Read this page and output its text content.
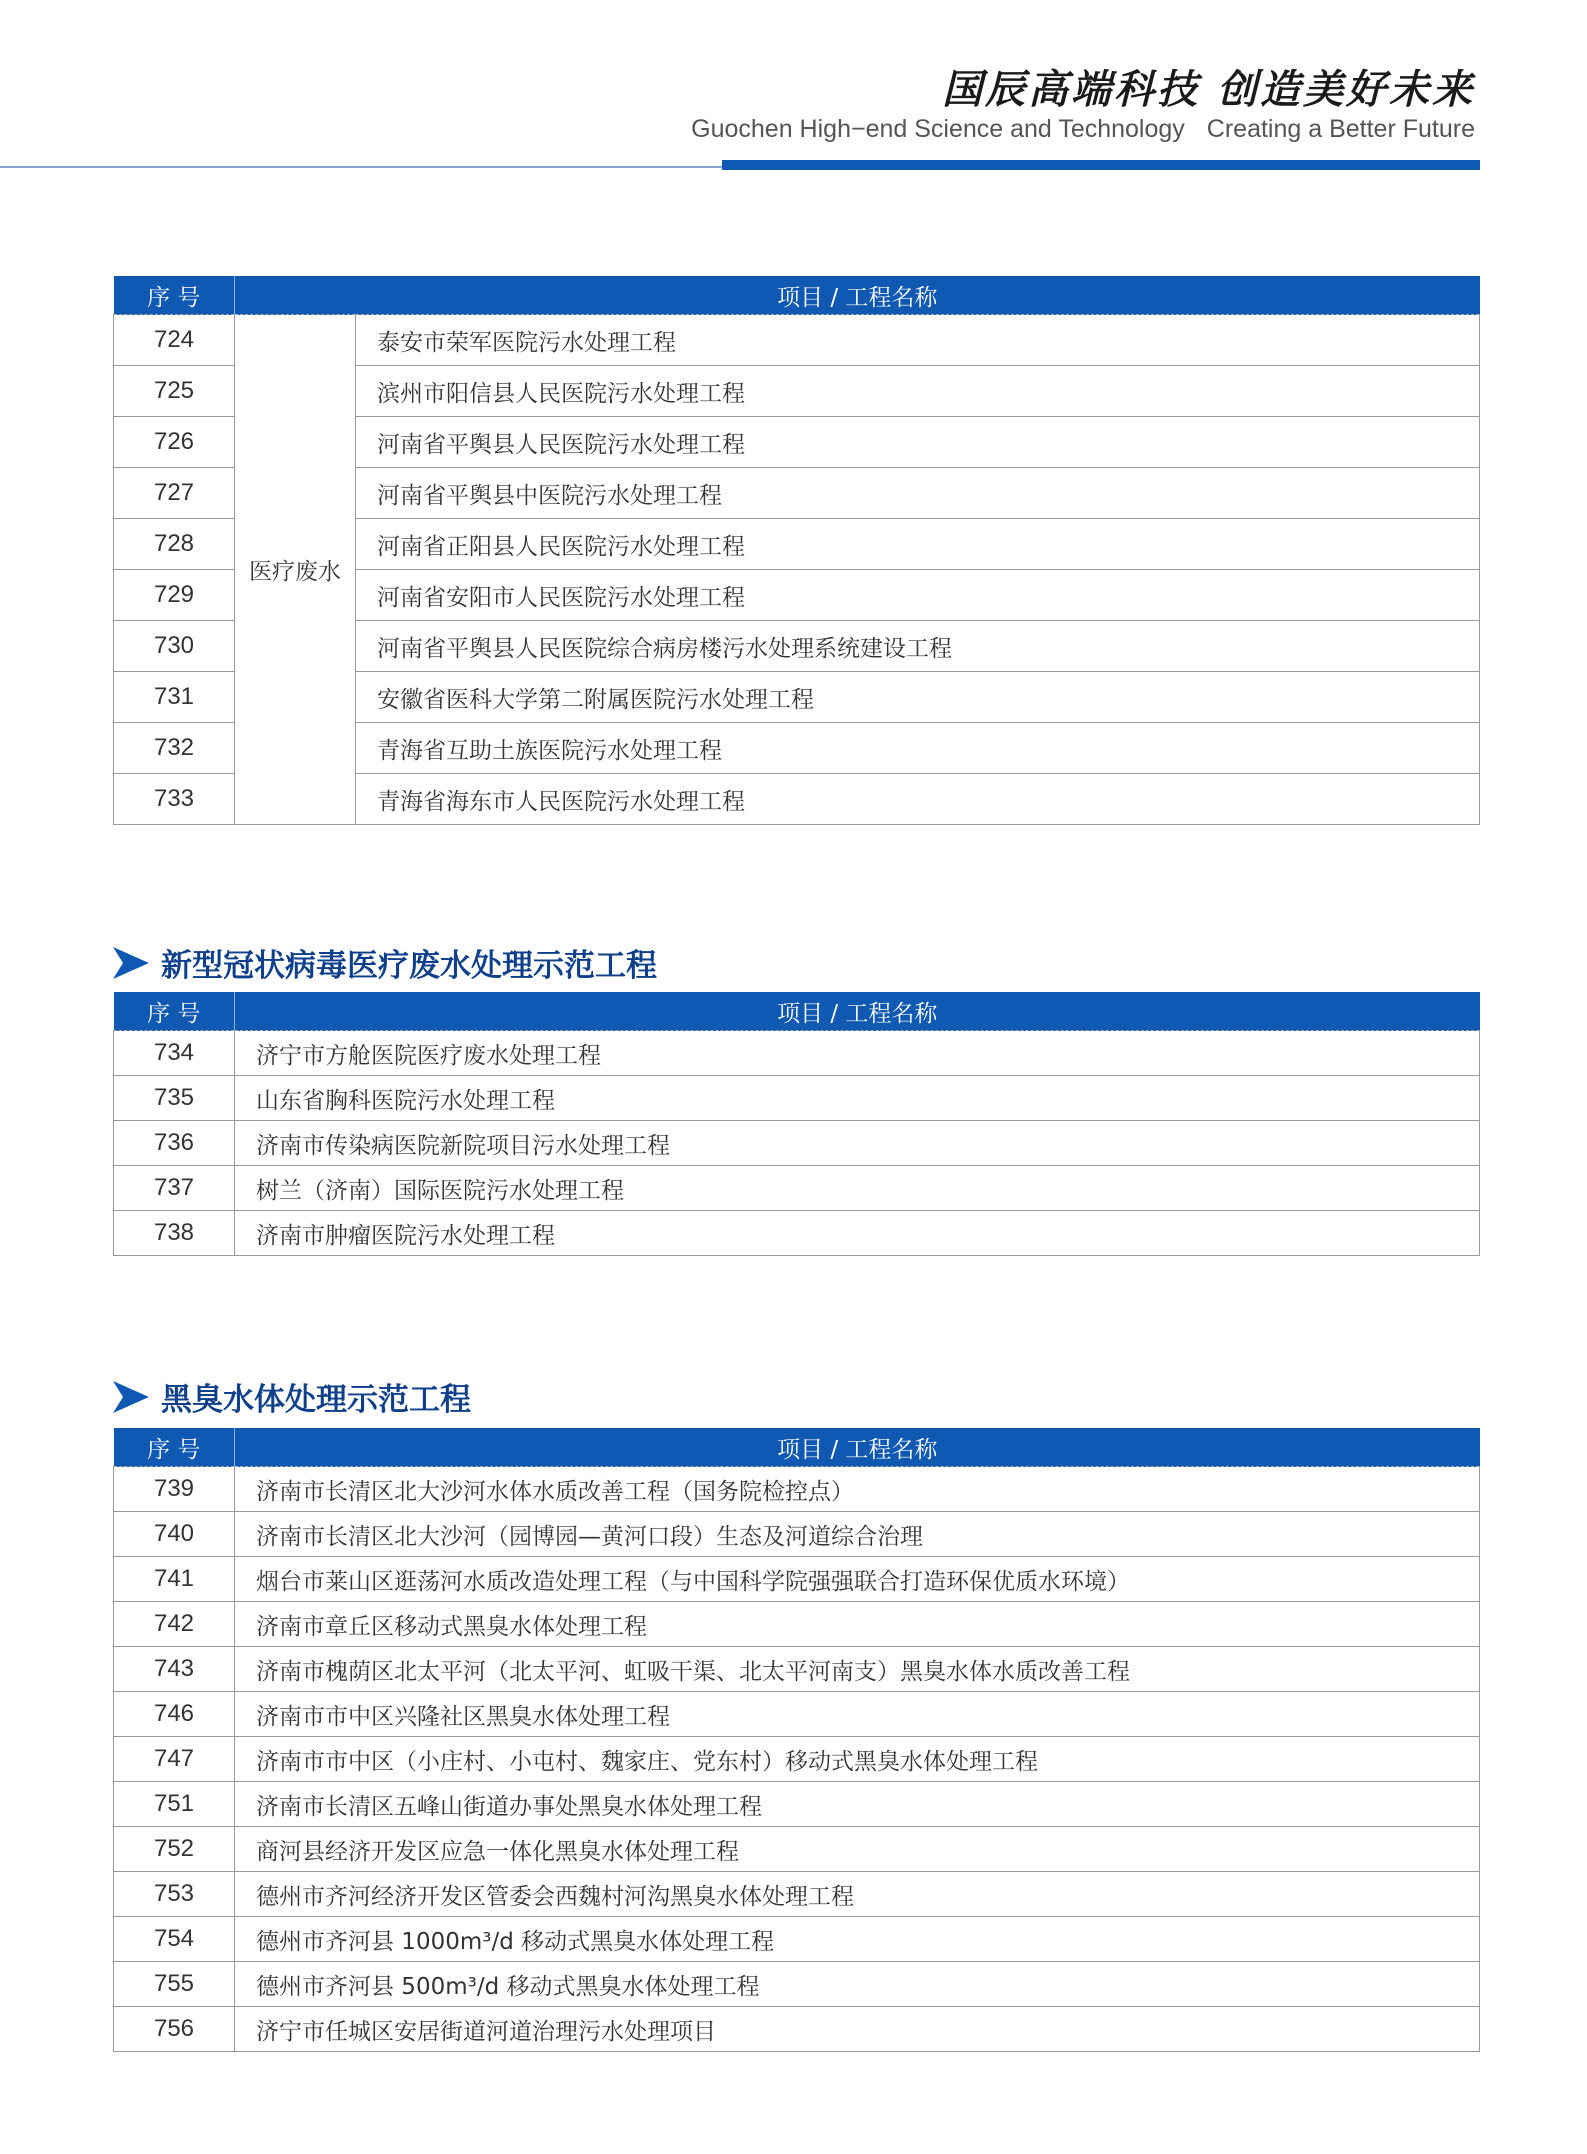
国辰高端科技 创造美好未来
Guochen High−end Science and Technology Creating a Better Future
序 号	项目 / 工程名称	
724	医疗废水	泰安市荣军医院污水处理工程
725		滨州市阳信县人民医院污水处理工程
726		河南省平舆县人民医院污水处理工程
727		河南省平舆县中医院污水处理工程
728		河南省正阳县人民医院污水处理工程
729		河南省安阳市人民医院污水处理工程
730		河南省平舆县人民医院综合病房楼污水处理系统建设工程
731		安徽省医科大学第二附属医院污水处理工程
732		青海省互助土族医院污水处理工程
733		青海省海东市人民医院污水处理工程
新型冠状病毒医疗废水处理示范工程
序 号	项目 / 工程名称
734	济宁市方舱医院医疗废水处理工程
735	山东省胸科医院污水处理工程
736	济南市传染病医院新院项目污水处理工程
737	树兰（济南）国际医院污水处理工程
738	济南市肿瘤医院污水处理工程
黑臭水体处理示范工程
序 号	项目 / 工程名称
739	济南市长清区北大沙河水体水质改善工程（国务院检控点）
740	济南市长清区北大沙河（园博园—黄河口段）生态及河道综合治理
741	烟台市莱山区逛荡河水质改造处理工程（与中国科学院强强联合打造环保优质水环境）
742	济南市章丘区移动式黑臭水体处理工程
743	济南市槐荫区北太平河（北太平河、虹吸干渠、北太平河南支）黑臭水体水质改善工程
746	济南市市中区兴隆社区黑臭水体处理工程
747	济南市市中区（小庄村、小屯村、魏家庄、党东村）移动式黑臭水体处理工程
751	济南市长清区五峰山街道办事处黑臭水体处理工程
752	商河县经济开发区应急一体化黑臭水体处理工程
753	德州市齐河经济开发区管委会西魏村河沟黑臭水体处理工程
754	德州市齐河县 1000m³/d 移动式黑臭水体处理工程
755	德州市齐河县 500m³/d 移动式黑臭水体处理工程
756	济宁市任城区安居街道河道治理污水处理项目
